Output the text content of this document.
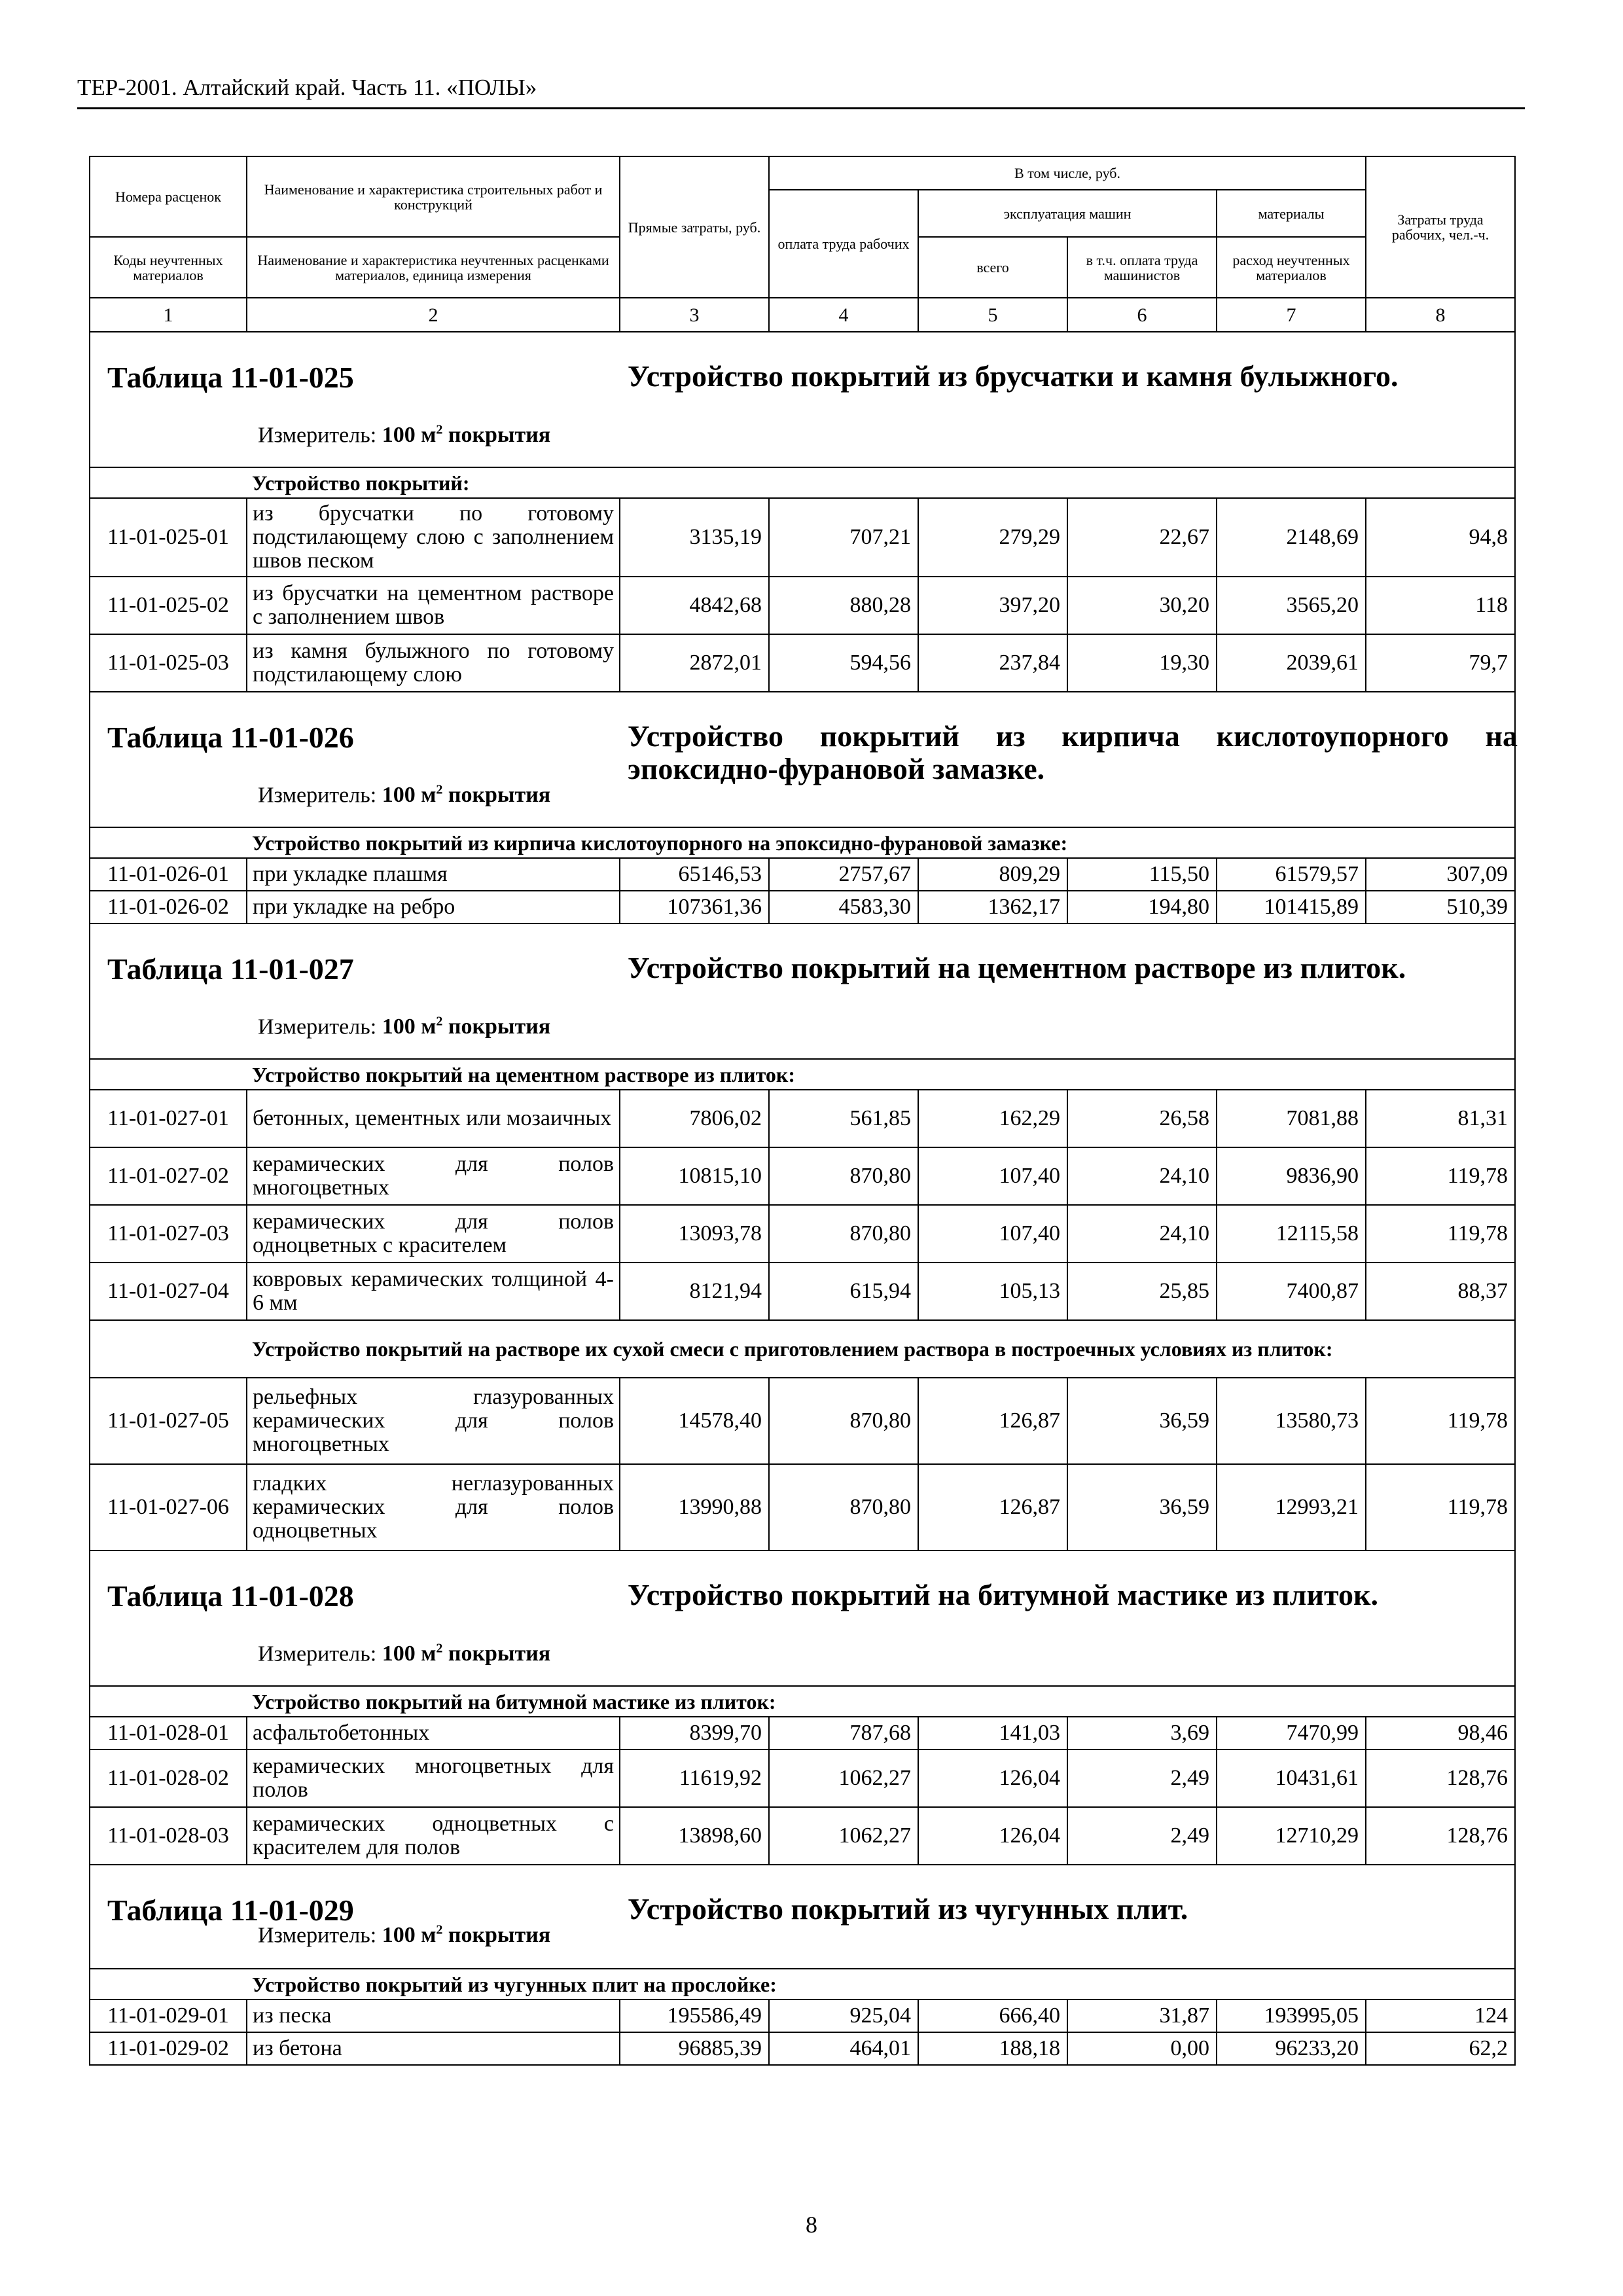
ТЕР-2001. Алтайский край. Часть 11. «ПОЛЫ»
Номера расценок	Наименование и характеристика строительных работ и конструкций	Прямые затраты, руб.	В том числе, руб.				Затраты труда рабочих, чел.-ч.
			оплата труда рабочих	эксплуатация машин		материалы	
Коды неучтенных материалов	Наименование и характеристика неучтенных расценками материалов, единица измерения			всего	в т.ч. оплата труда машинистов	расход неучтенных материалов	

1	2	3	4	5	6	7	8

Таблица 11-01-025 Устройство покрытий из брусчатки и камня булыжного.
Измеритель: 100 $м^2$ покрытия							

	Устройство покрытий:						
11-01-025-01	из брусчатки по готовому подстилающему слою с заполнением швов песком	3135,19	707,21	279,29	22,67	2148,69	94,8
11-01-025-02	из брусчатки на цементном растворе с заполнением швов	4842,68	880,28	397,20	30,20	3565,20	118
11-01-025-03	из камня булыжного по готовому подстилающему слою	2872,01	594,56	237,84	19,30	2039,61	79,7

Таблица 11-01-026 Устройство покрытий из кирпича кислотоупорного на эпоксидно-фурановой замазке.
Измеритель: 100 $м^2$ покрытия							

	Устройство покрытий из кирпича кислотоупорного на эпоксидно-фурановой замазке:						
11-01-026-01	при укладке плашмя	65146,53	2757,67	809,29	115,50	61579,57	307,09
11-01-026-02	при укладке на ребро	107361,36	4583,30	1362,17	194,80	101415,89	510,39

Таблица 11-01-027 Устройство покрытий на цементном растворе из плиток.
Измеритель: 100 $м^2$ покрытия							

	Устройство покрытий на цементном растворе из плиток:						
11-01-027-01	бетонных, цементных или мозаичных	7806,02	561,85	162,29	26,58	7081,88	81,31
11-01-027-02	керамических для полов многоцветных	10815,10	870,80	107,40	24,10	9836,90	119,78
11-01-027-03	керамических для полов одноцветных с красителем	13093,78	870,80	107,40	24,10	12115,58	119,78
11-01-027-04	ковровых керамических толщиной 4-6 мм	8121,94	615,94	105,13	25,85	7400,87	88,37
	Устройство покрытий на растворе их сухой смеси с приготовлением раствора в построечных условиях из плиток:						
11-01-027-05	рельефных глазурованных керамических для полов многоцветных	14578,40	870,80	126,87	36,59	13580,73	119,78
11-01-027-06	гладких неглазурованных керамических для полов одноцветных	13990,88	870,80	126,87	36,59	12993,21	119,78

Таблица 11-01-028 Устройство покрытий на битумной мастике из плиток.
Измеритель: 100 $м^2$ покрытия							

	Устройство покрытий на битумной мастике из плиток:						
11-01-028-01	асфальтобетонных	8399,70	787,68	141,03	3,69	7470,99	98,46
11-01-028-02	керамических многоцветных для полов	11619,92	1062,27	126,04	2,49	10431,61	128,76
11-01-028-03	керамических одноцветных с красителем для полов	13898,60	1062,27	126,04	2,49	12710,29	128,76

Таблица 11-01-029 Устройство покрытий из чугунных плит.
Измеритель: 100 $м^2$ покрытия							

	Устройство покрытий из чугунных плит на прослойке:						
11-01-029-01	из песка	195586,49	925,04	666,40	31,87	193995,05	124
11-01-029-02	из бетона	96885,39	464,01	188,18	0,00	96233,20	62,2
8
